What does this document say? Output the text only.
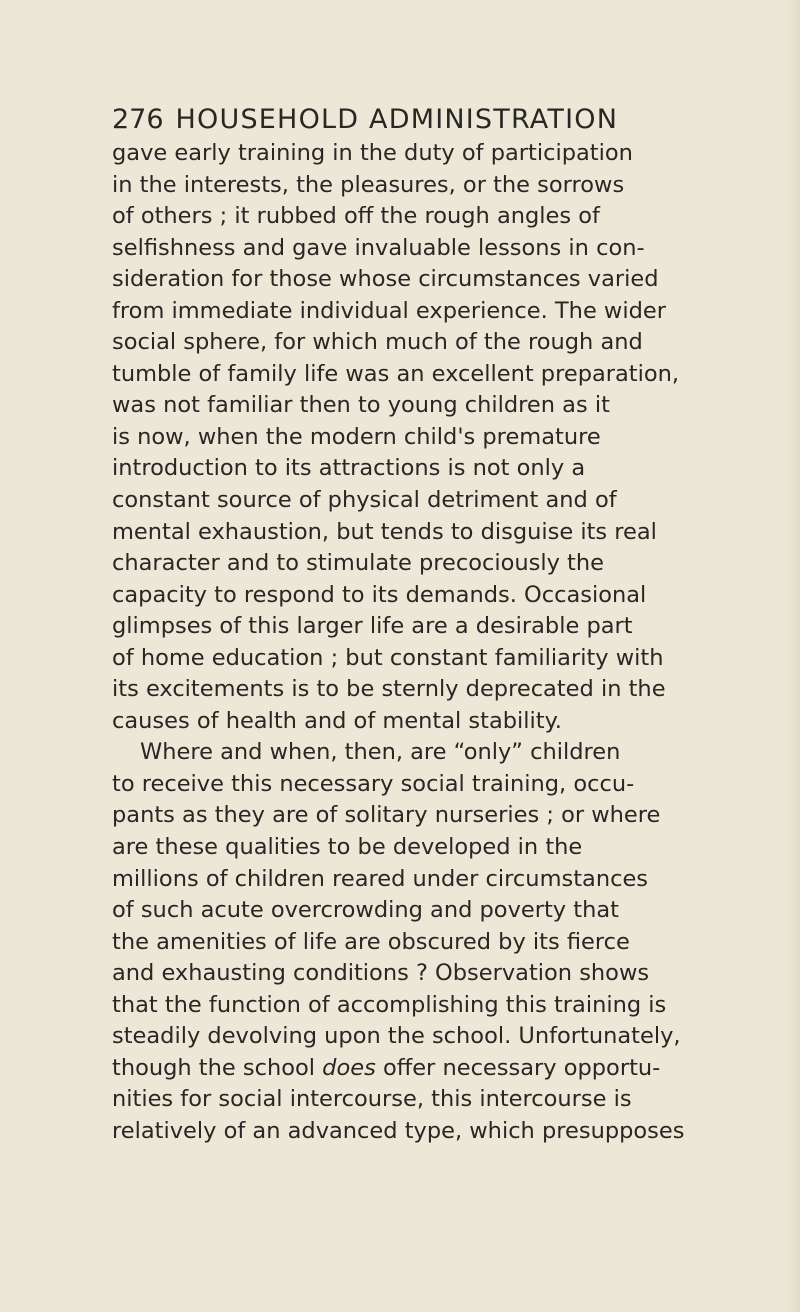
276 HOUSEHOLD ADMINISTRATION
gave early training in the duty of participation
in the interests, the pleasures, or the sorrows
of others ; it rubbed off the rough angles of
selfishness and gave invaluable lessons in con-
sideration for those whose circumstances varied
from immediate individual experience. The wider
social sphere, for which much of the rough and
tumble of family life was an excellent preparation,
was not familiar then to young children as it
is now, when the modern child's premature
introduction to its attractions is not only a
constant source of physical detriment and of
mental exhaustion, but tends to disguise its real
character and to stimulate precociously the
capacity to respond to its demands. Occasional
glimpses of this larger life are a desirable part
of home education ; but constant familiarity with
its excitements is to be sternly deprecated in the
causes of health and of mental stability.
Where and when, then, are “only” children
to receive this necessary social training, occu-
pants as they are of solitary nurseries ; or where
are these qualities to be developed in the
millions of children reared under circumstances
of such acute overcrowding and poverty that
the amenities of life are obscured by its fierce
and exhausting conditions ? Observation shows
that the function of accomplishing this training is
steadily devolving upon the school. Unfortunately,
though the school does offer necessary opportu-
nities for social intercourse, this intercourse is
relatively of an advanced type, which presupposes
